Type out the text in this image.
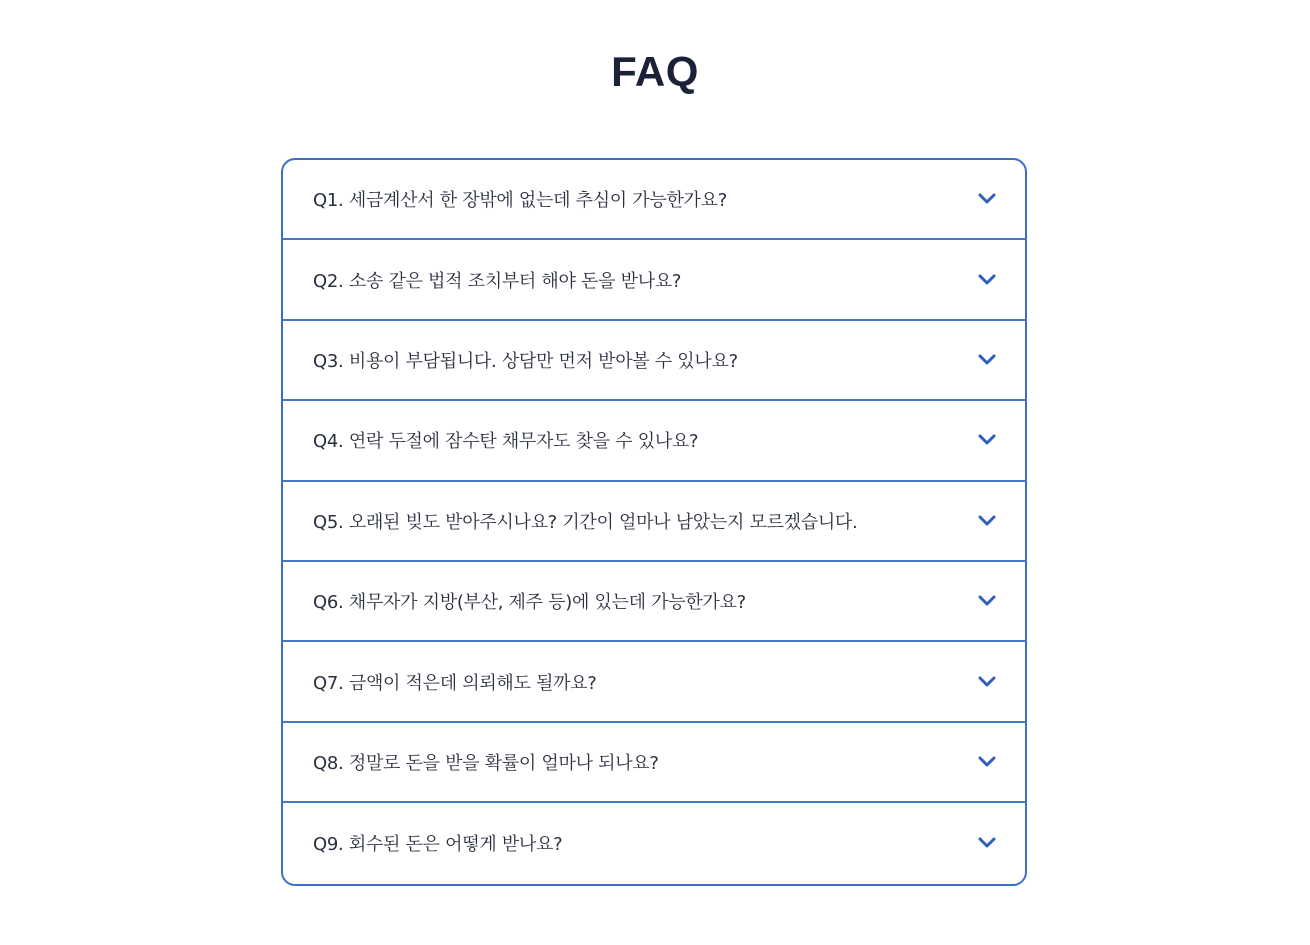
FAQ
Q1. 세금계산서 한 장밖에 없는데 추심이 가능한가요?
Q2. 소송 같은 법적 조치부터 해야 돈을 받나요?
Q3. 비용이 부담됩니다. 상담만 먼저 받아볼 수 있나요?
Q4. 연락 두절에 잠수탄 채무자도 찾을 수 있나요?
Q5. 오래된 빚도 받아주시나요? 기간이 얼마나 남았는지 모르겠습니다.
Q6. 채무자가 지방(부산, 제주 등)에 있는데 가능한가요?
Q7. 금액이 적은데 의뢰해도 될까요?
Q8. 정말로 돈을 받을 확률이 얼마나 되나요?
Q9. 회수된 돈은 어떻게 받나요?
